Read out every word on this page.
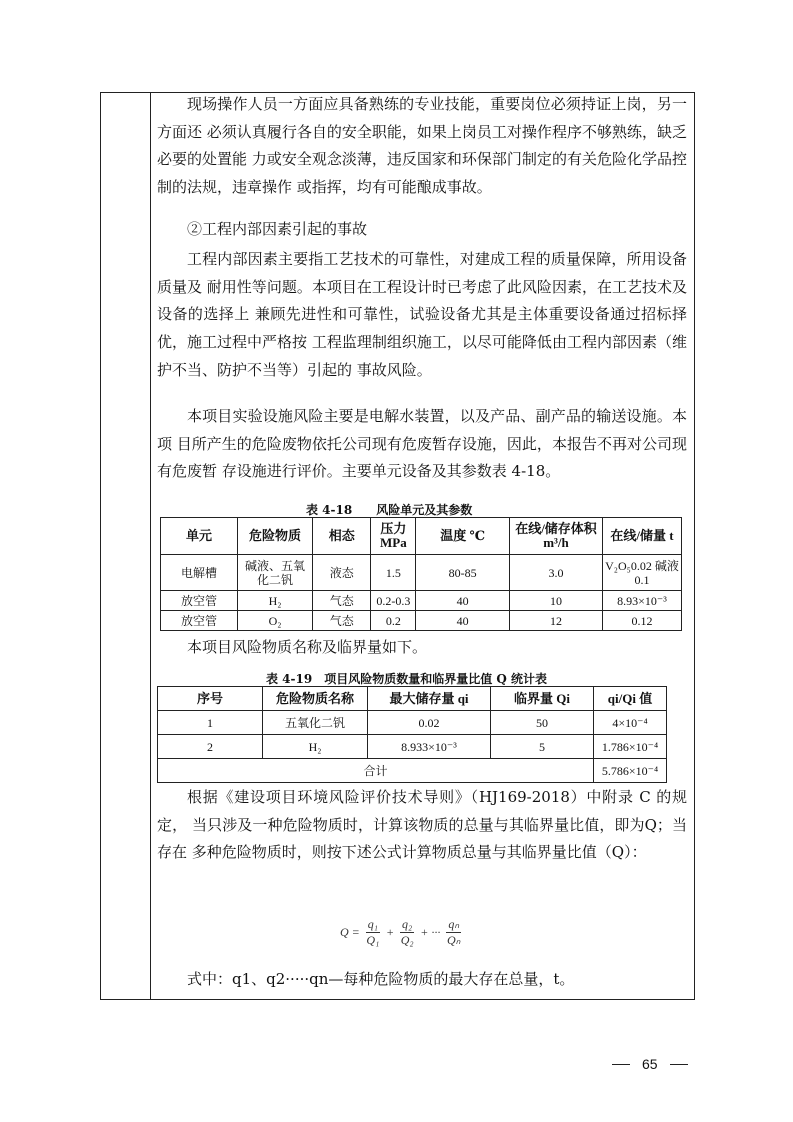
现场操作人员一方面应具备熟练的专业技能，重要岗位必须持证上岗，另一方面还 必须认真履行各自的安全职能，如果上岗员工对操作程序不够熟练，缺乏必要的处置能 力或安全观念淡薄，违反国家和环保部门制定的有关危险化学品控制的法规，违章操作 或指挥，均有可能酿成事故。

②工程内部因素引起的事故

工程内部因素主要指工艺技术的可靠性，对建成工程的质量保障，所用设备质量及 耐用性等问题。本项目在工程设计时已考虑了此风险因素，在工艺技术及设备的选择上 兼顾先进性和可靠性，试验设备尤其是主体重要设备通过招标择优，施工过程中严格按 工程监理制组织施工，以尽可能降低由工程内部因素（维护不当、防护不当等）引起的 事故风险。

本项目实验设施风险主要是电解水装置，以及产品、副产品的输送设施。本项 目所产生的危险废物依托公司现有危废暂存设施，因此，本报告不再对公司现有危废暂 存设施进行评价。主要单元设备及其参数表 4-18。

表 4-18　　风险单元及其参数
单元	危险物质	相态	压力MPa	温度 ℃	在线/储存体积m³/h	在线/储量 t
电解槽	碱液、五氧化二钒	液态	1.5	80-85	3.0	V₂O₅0.02 碱液 0.1
放空管	H₂	气态	0.2-0.3	40	10	8.93×10⁻³
放空管	O₂	气态	0.2	40	12	0.12

本项目风险物质名称及临界量如下。

表 4-19　项目风险物质数量和临界量比值 Q 统计表
序号	危险物质名称	最大储存量 qi	临界量 Qi	qi/Qi 值
1	五氧化二钒	0.02	50	4×10⁻⁴
2	H₂	8.933×10⁻³	5	1.786×10⁻⁴
合计				5.786×10⁻⁴

根据《建设项目环境风险评价技术导则》（HJ169-2018）中附录 C 的规定， 当只涉及一种危险物质时，计算该物质的总量与其临界量比值，即为Q；当存在 多种危险物质时，则按下述公式计算物质总量与其临界量比值（Q）：

$Q = \frac{\text{q₁}}{\text{Q₁}} + \frac{\text{q₂}}{\text{Q₂}}$ + ··· $\frac{\text{qₙ}}{\text{Qₙ}}$

式中：q1、q2·····qn—每种危险物质的最大存在总量，t。

65
